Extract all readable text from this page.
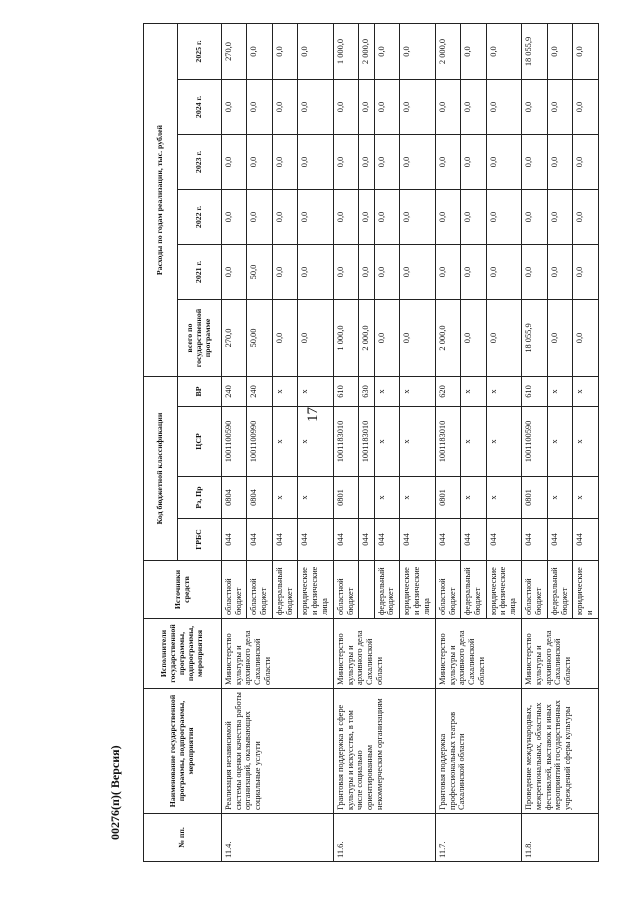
17
№ пп.	Наименование государственной программы, подпрограммы, мероприятия	Исполнители государственной программы, подпрограммы, мероприятия	Источники средств	Код бюджетной классификации				Расходы по годам реализации, тыс. рублей					
				ГРБС	Рз, Пр	ЦСР	ВР	всего по государственной программе	2021 г.	2022 г.	2023 г.	2024 г.	2025 г.
11.4.	Реализация независимой системы оценки качества работы организаций, оказывающих социальные услуги	Министерство культуры и архивного дела Сахалинской области	областной бюджет	044	0804	1001100590	240	270,0	0,0	0,0	0,0	0,0	270,0
			областной бюджет	044	0804	1001100990	240	50,00	50,0	0,0	0,0	0,0	0,0
			федеральный бюджет	044	х	х	х	0,0	0,0	0,0	0,0	0,0	0,0
			юридические и физические лица	044	х	х	х	0,0	0,0	0,0	0,0	0,0	0,0
11.6.	Грантовая поддержка в сфере культуры и искусства, в том числе социально ориентированным некоммерческим организациям	Министерство культуры и архивного дела Сахалинской области	областной бюджет	044	0801	1001183010	610	1 000,0	0,0	0,0	0,0	0,0	1 000,0
				044		1001183010	630	2 000,0	0,0	0,0	0,0	0,0	2 000,0
			федеральный бюджет	044	х	х	х	0,0	0,0	0,0	0,0	0,0	0,0
			юридические и физические лица	044	х	х	х	0,0	0,0	0,0	0,0	0,0	0,0
11.7.	Грантовая поддержка профессиональных театров Сахалинской области	Министерство культуры и архивного дела Сахалинской области	областной бюджет	044	0801	1001183010	620	2 000,0	0,0	0,0	0,0	0,0	2 000,0
			федеральный бюджет	044	х	х	х	0,0	0,0	0,0	0,0	0,0	0,0
			юридические и физические лица	044	х	х	х	0,0	0,0	0,0	0,0	0,0	0,0
11.8.	Проведение международных, межрегиональных, областных фестивалей, выставок и иных мероприятий государственных учреждений сферы культуры	Министерство культуры и архивного дела Сахалинской области	областной бюджет	044	0801	1001100590	610	18 055,9	0,0	0,0	0,0	0,0	18 055,9
			федеральный бюджет	044	х	х	х	0,0	0,0	0,0	0,0	0,0	0,0
			юридические и	044	х	х	х	0,0	0,0	0,0	0,0	0,0	0,0
00276(п)( Версия)
